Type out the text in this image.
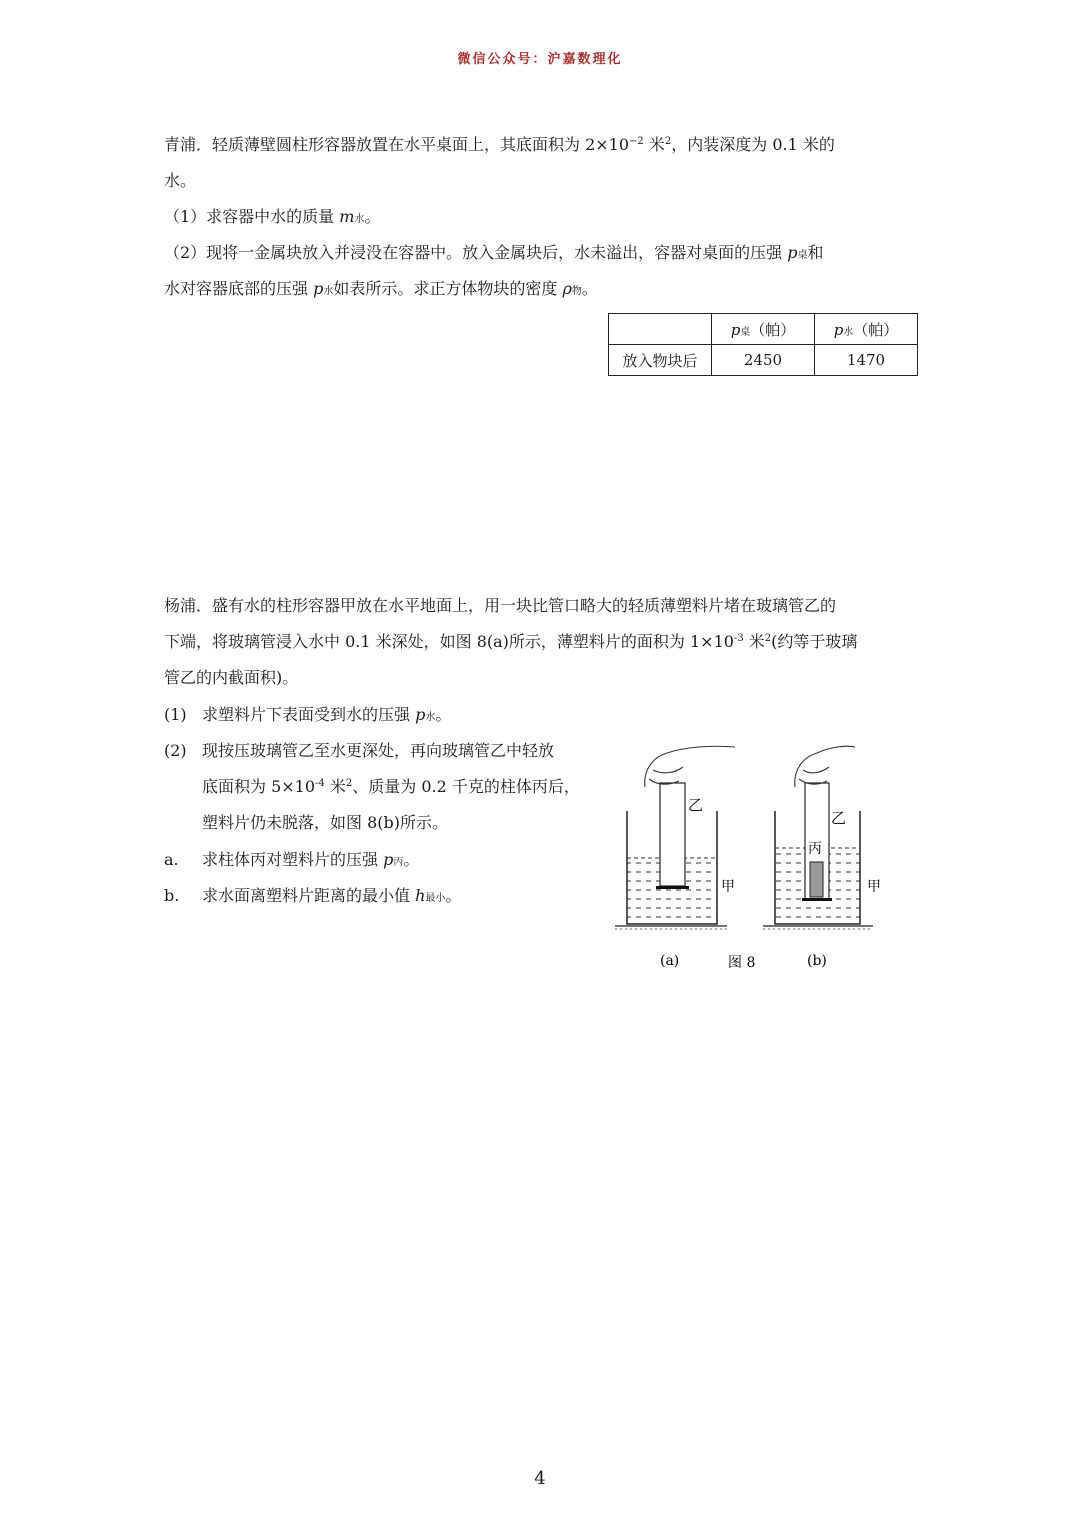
微信公众号：沪嘉数理化
青浦．轻质薄壁圆柱形容器放置在水平桌面上，其底面积为 $2\times 10^{-2}$ 米$^2$，内装深度为 0.1 米的
水。
（1）求容器中水的质量 m水。
（2）现将一金属块放入并浸没在容器中。放入金属块后，水未溢出，容器对桌面的压强 p桌和
水对容器底部的压强 p水如表所示。求正方体物块的密度 ρ物。
	p桌（帕）	p水（帕）
放入物块后	2450	1470
杨浦．盛有水的柱形容器甲放在水平地面上，用一块比管口略大的轻质薄塑料片堵在玻璃管乙的
下端，将玻璃管浸入水中 0.1 米深处，如图 8(a)所示，薄塑料片的面积为 $1\times 10^{-3}$ 米$^2$(约等于玻璃
管乙的内截面积)。
(1) 求塑料片下表面受到水的压强 p水。
(2) 现按压玻璃管乙至水更深处，再向玻璃管乙中轻放
底面积为 $5\times 10^{-4}$ 米$^2$、质量为 0.2 千克的柱体丙后，
塑料片仍未脱落，如图 8(b)所示。
a. 求柱体丙对塑料片的压强 p丙。
b. 求水面离塑料片距离的最小值 h最小。
乙
甲
(a)	图 8
乙
丙
甲
(b)
4
